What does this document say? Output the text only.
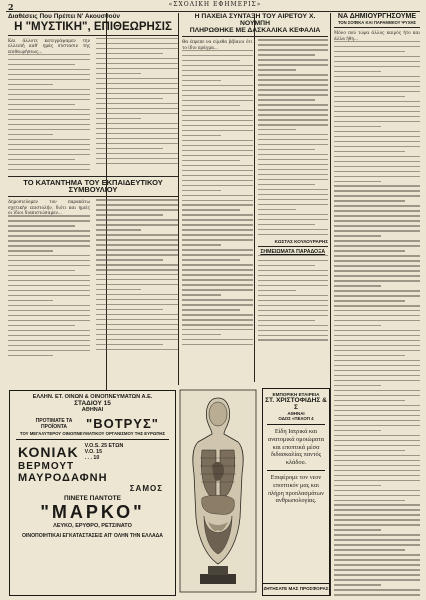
2	«ΣΧΟΛΙΚΗ ΕΦΗΜΕΡΙΣ»
Διαθέσεις Που Πρέπει Ν' Ακουσθούν
Η "ΜΥΣΤΙΚΗ", ΕΠΙΘΕΩΡΗΣΙΣ
Και άλλοτε κατεγράψαμεν την ελλειπή καθ' ημάς σύστασιν της επιθεωρήσεως...
ΤΟ ΚΑΤΑΝΤΗΜΑ ΤΟΥ ΕΚΠΑΙΔΕΥΤΙΚΟΥ ΣΥΜΒΟΥΛΙΟΥ
Δημοσιεύομεν τον παρακάτω σχετικήν επιστολήν, διότι και ημείς οι ίδιοι διαπιστώσαμεν...
Η ΠΑΧΕΙΑ ΣΥΝΤΑΞΗ ΤΟΥ ΑΙΡΕΤΟΥ Χ. ΝΟΥΜΠΗ
ΠΛΗΡΩΘΗΚΕ ΜΕ ΔΑΣΚΑΛΙΚΑ ΚΕΦΑΛΙΑ
Θα έπρεπε να είμεθα βέβαιοι ότι το ίδιο πράγμα...
ΚΩΣΤΑΣ ΚΟΥΛΟΥΡΑΡΗΣ
ΣΗΜΕΙΩΜΑΤΑ ΠΑΡΑΔΟΞΑ
ΝΑ ΔΗΜΙΟΥΡΓΗΣΟΥΜΕ
ΤΟΝ ΣΟΦΙΚΑ ΚΑΙ ΠΑΡΑΜΙΘΙΟΥ ΨΥΧΗΣ
Μόνο πού τώρα άλλος καιρός ήτο και άλλα ήθη...
ΕΛΛΗΝ. ΕΤ. ΟΙΝΩΝ & ΟΙΝΟΠΝΕΥΜΑΤΩΝ Α.Ε.
ΣΤΑΔΙΟΥ 15
ΑΘΗΝΑΙ
ΠΡΟΤΙΜΑΤΕ ΤΑ ΠΡΟΪΟΝΤΑ	"ΒΟΤΡΥΣ"
ΤΟΥ ΜΕΓΑΛΥΤΕΡΟΥ ΟΙΝΟΠΝΕΥΜΑΤΙΚΟΥ ΟΡΓΑΝΙΣΜΟΥ ΤΗΣ ΕΥΡΩΠΗΣ
ΚΟΝΙΑΚ V.O.S. 25 ΕΤΩΝ
V.O. 15
. . . 10
ΒΕΡΜΟΥΤ
ΜΑΥΡΟΔΑΦΝΗ
ΣΑΜΟΣ
ΠΙΝΕΤΕ ΠΑΝΤΟΤΕ
"ΜΑΡΚΟ"
ΛΕΥΚΟ, ΕΡΥΘΡΟ, ΡΕΤΣΙΝΑΤΟ
ΟΙΝΟΠΟΙΗΤΙΚΑΙ ΕΓΚΑΤΑΣΤΑΣΕΙΣ ΑΠ' ΟΛΗΝ ΤΗΝ ΕΛΛΑΔΑ
ΕΜΠΟΡΙΚΗ ΕΤΑΙΡΕΙΑ
ΣΤ. ΧΡΙΣΤΟΦΙΔΗΣ & Σ
ΑΘΗΝΑΙ
ΟΔΟΣ «ΠΕΛΟΠ 4
Είδη Ιατρικά και ανατομικά ομοιώματα και εποπτικά μέσα διδασκαλίας παντός κλάδου.
Επιφέρομε τον νεον εποπτικόν μας και πλήρη προπλασμάτων ανθρωπολογίας.
ΖΗΤΗΣΑΤΕ ΜΑΣ ΠΡΟΣΦΟΡΑΣ
